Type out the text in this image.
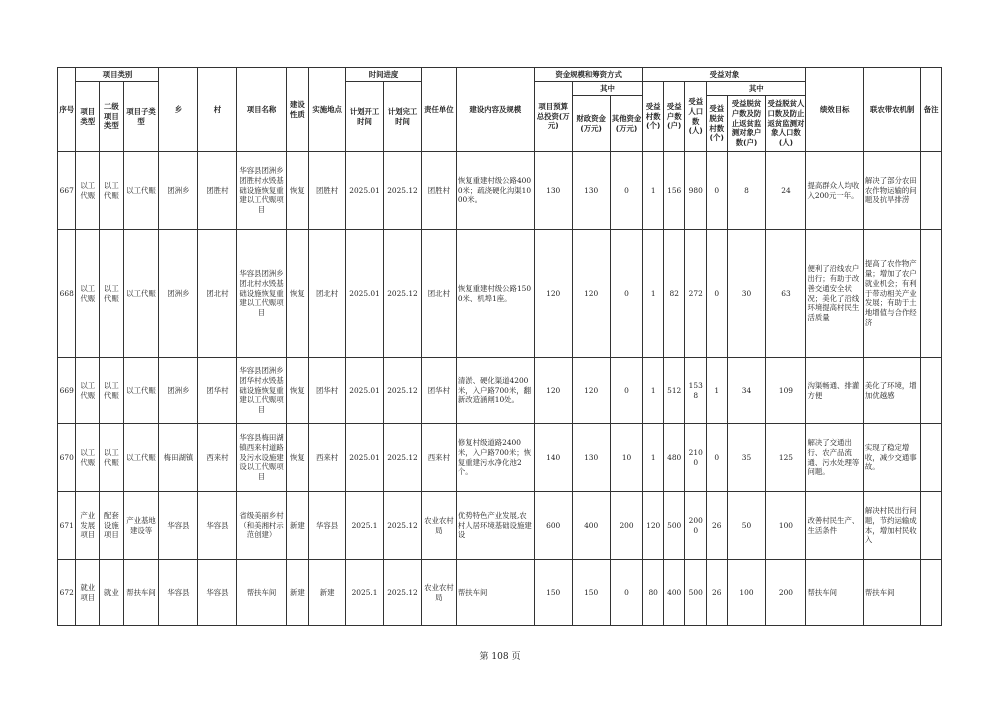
序号	项目类别			乡	村	项目名称	建设性质	实施地点	时间进度		责任单位	建设内容及规模	资金规模和筹资方式			受益对象						绩效目标	联农带农机制	备注
	项目类型	二级项目类型	项目子类型						计划开工时间	计划完工时间			项目预算总投资(万元)	其中		受益村数(个)	受益户数(户)	受益人口数(人)	其中					
														财政资金(万元)	其他资金(万元)				受益脱贫村数(个)	受益脱贫户数及防止返贫监测对象户数(户)	受益脱贫人口数及防止返贫监测对象人口数(人)			
667	以工代赈	以工代赈	以工代赈	团洲乡	团胜村	华容县团洲乡团胜村水毁基础设施恢复重建以工代赈项目	恢复	团胜村	2025.01	2025.12	团胜村	恢复重建村级公路4000米；疏浇硬化沟渠1000米。	130	130	0	1	156	980	0	8	24	提高群众人均收入200元一年。	解决了部分农田农作物运输的问题及抗旱排涝	
668	以工代赈	以工代赈	以工代赈	团洲乡	团北村	华容县团洲乡团北村水毁基础设施恢复重建以工代赈项目	恢复	团北村	2025.01	2025.12	团北村	恢复重建村级公路1500米、机埠1座。	120	120	0	1	82	272	0	30	63	便利了沿线农户出行；有助于改善交通安全状况；美化了沿线环境提高村民生活质量	提高了农作物产量；增加了农户就业机会；有利于带动相关产业发展；有助于土地增值与合作经济	
669	以工代赈	以工代赈	以工代赈	团洲乡	团华村	华容县团洲乡团华村水毁基础设施恢复重建以工代赈项目	恢复	团华村	2025.01	2025.12	团华村	清淤、硬化渠道4200米，入户路700米，翻新改造涵闸10处。	120	120	0	1	512	1538	1	34	109	沟渠畅通、排灌方便	美化了环境，增加优越感	
670	以工代赈	以工代赈	以工代赈	梅田湖镇	西来村	华容县梅田湖镇西来村道路及污水设施建设以工代赈项目	恢复	西来村	2025.01	2025.12	西来村	修复村级道路2400米，入户路700米；恢复重建污水净化池2个。	140	130	10	1	480	2100	0	35	125	解决了交通出行、农产品流通、污水处理等问题。	实现了稳定增收，减少交通事故。	
671	产业发展项目	配套设施项目	产业基地建设等	华容县	华容县	省级美丽乡村（和美湘村示范创建）	新建	华容县	2025.1	2025.12	农业农村局	优势特色产业发展,农村人居环境基础设施建设	600	400	200	120	500	2000	26	50	100	改善村民生产、生活条件	解决村民出行问题，节约运输成本，增加村民收入	
672	就业项目	就业	帮扶车间	华容县	华容县	帮扶车间	新建	新建	2025.1	2025.12	农业农村局	帮扶车间	150	150	0	80	400	500	26	100	200	帮扶车间	帮扶车间	
第 108 页
